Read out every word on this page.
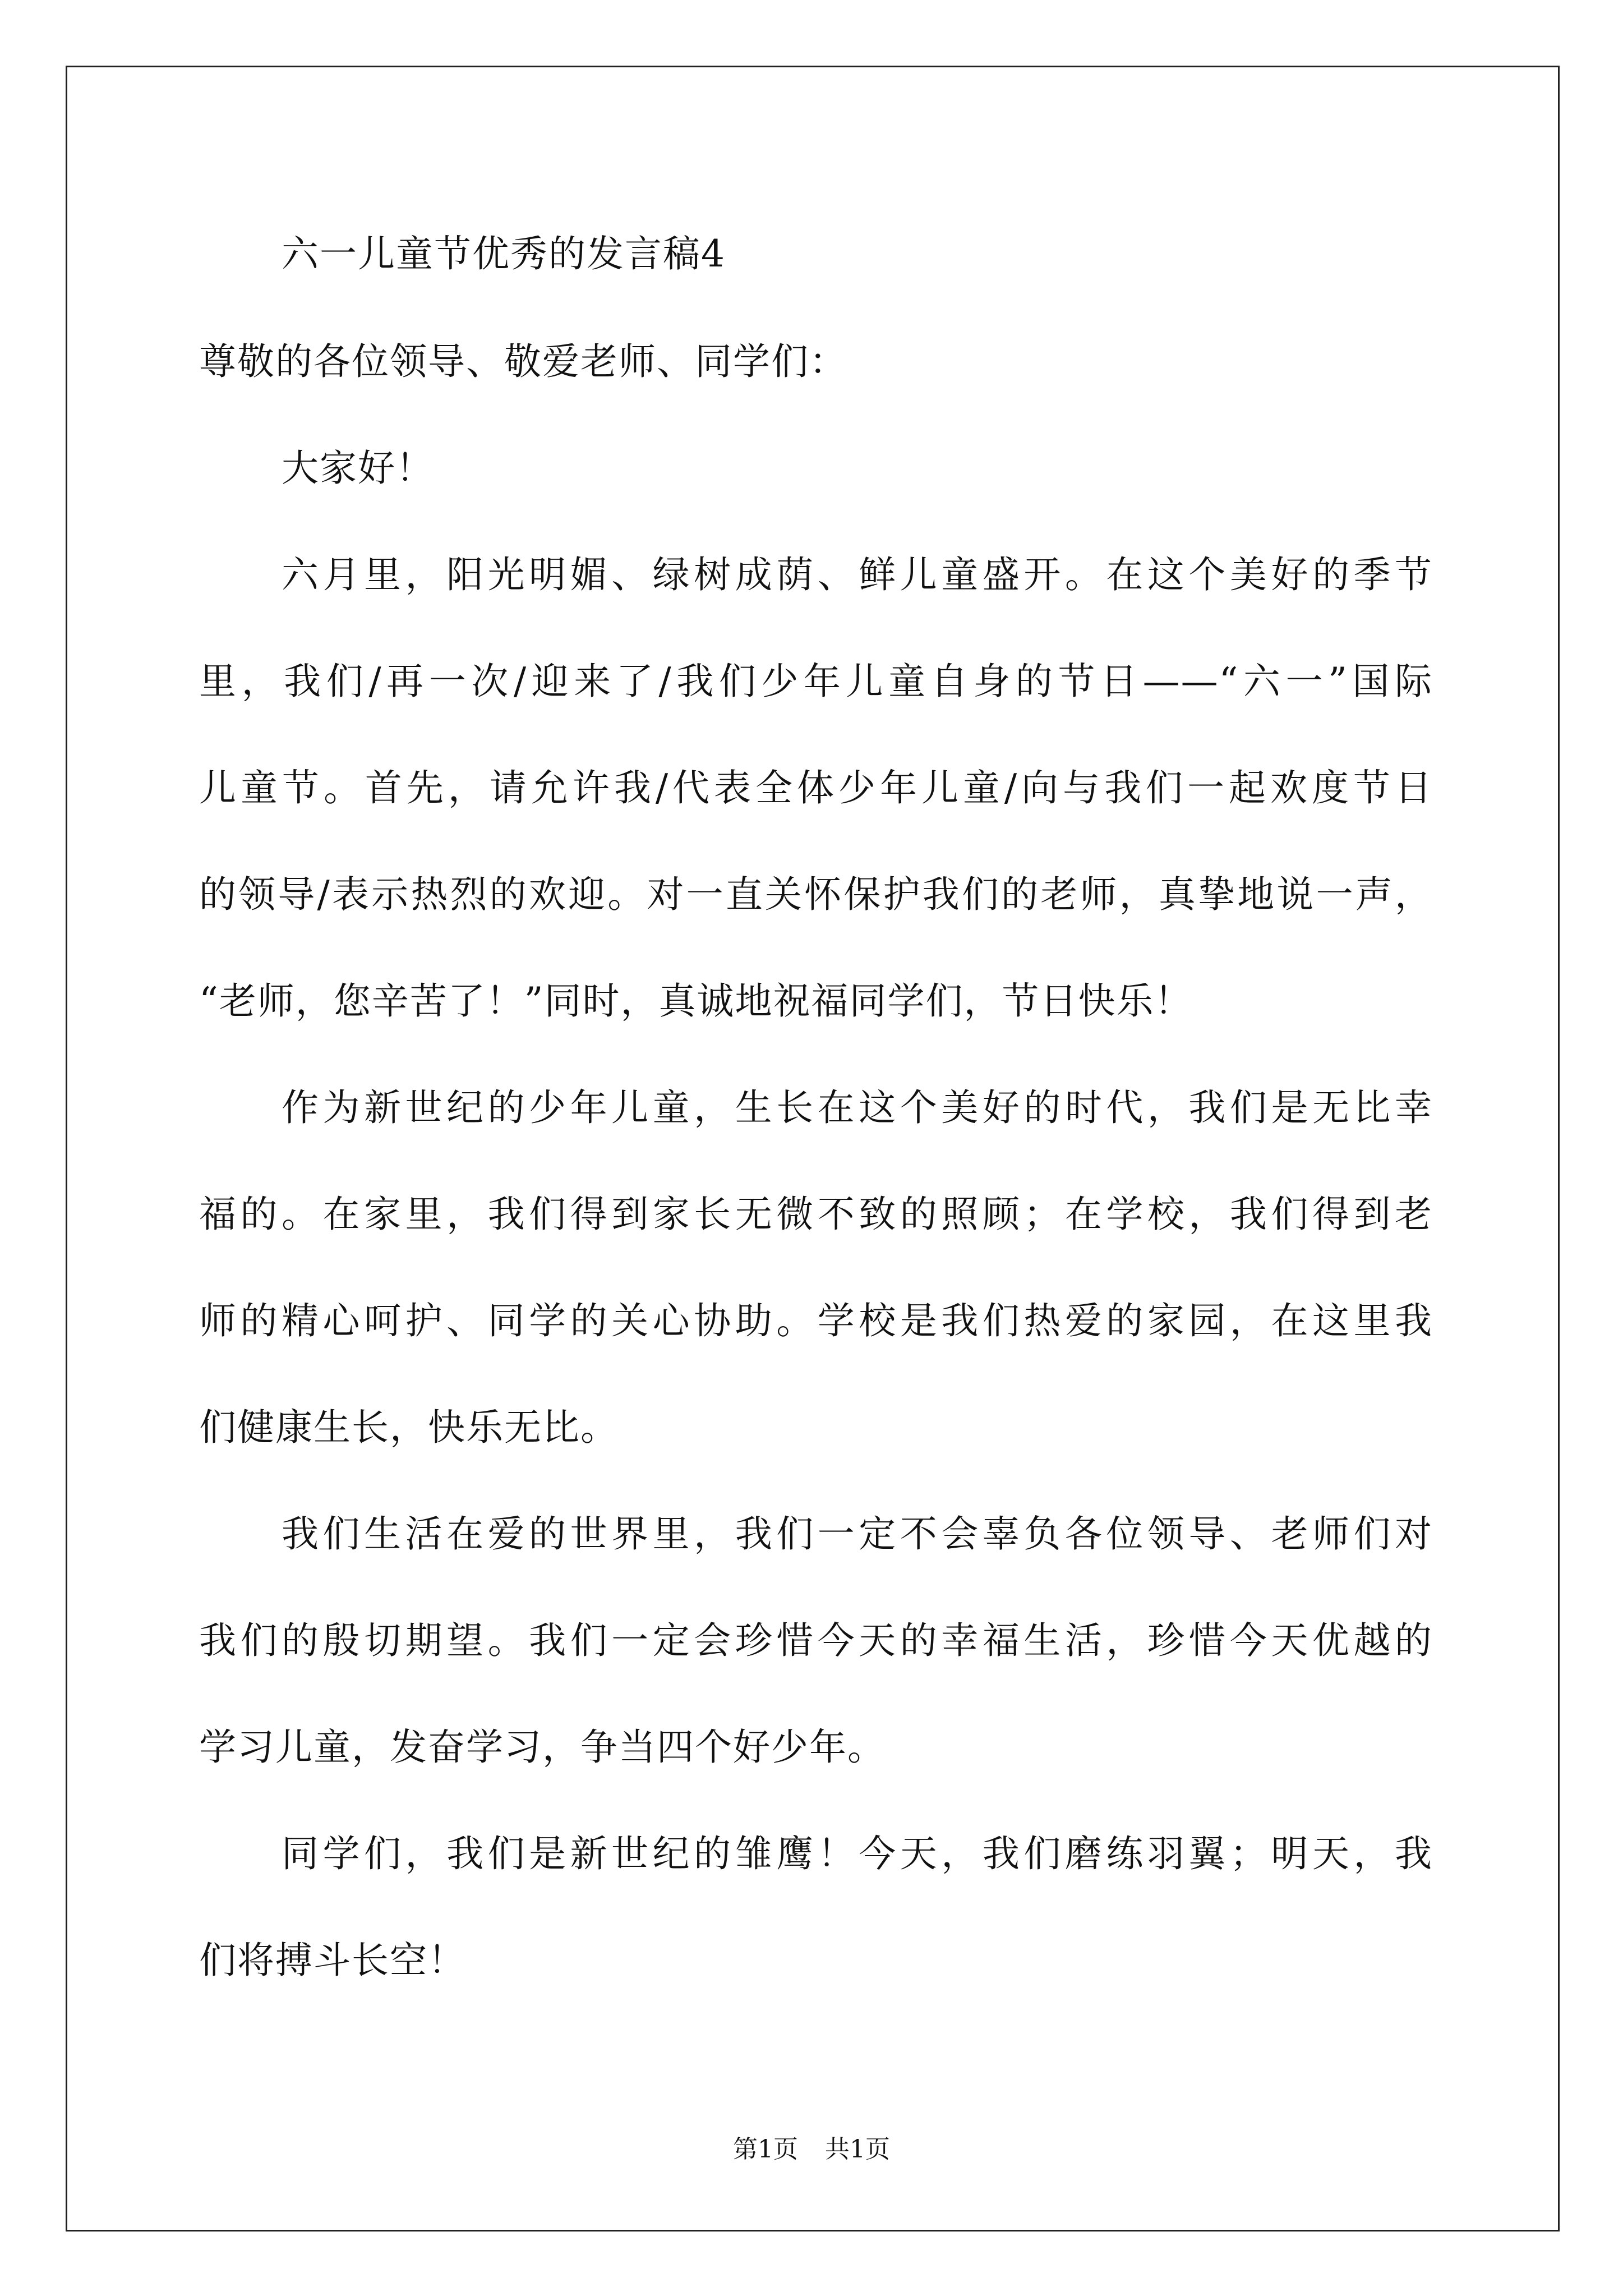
六一儿童节优秀的发言稿4
尊敬的各位领导、敬爱老师、同学们：
大家好！
六月里，阳光明媚、绿树成荫、鲜儿童盛开。在这个美好的季节
里，我们/再一次/迎来了/我们少年儿童自身的节日——“六一”国际
儿童节。首先，请允许我/代表全体少年儿童/向与我们一起欢度节日
的领导/表示热烈的欢迎。对一直关怀保护我们的老师，真挚地说一声，
“老师，您辛苦了！”同时，真诚地祝福同学们，节日快乐！
作为新世纪的少年儿童，生长在这个美好的时代，我们是无比幸
福的。在家里，我们得到家长无微不致的照顾；在学校，我们得到老
师的精心呵护、同学的关心协助。学校是我们热爱的家园，在这里我
们健康生长，快乐无比。
我们生活在爱的世界里，我们一定不会辜负各位领导、老师们对
我们的殷切期望。我们一定会珍惜今天的幸福生活，珍惜今天优越的
学习儿童，发奋学习，争当四个好少年。
同学们，我们是新世纪的雏鹰！今天，我们磨练羽翼；明天，我
们将搏斗长空！
第1页 共1页
